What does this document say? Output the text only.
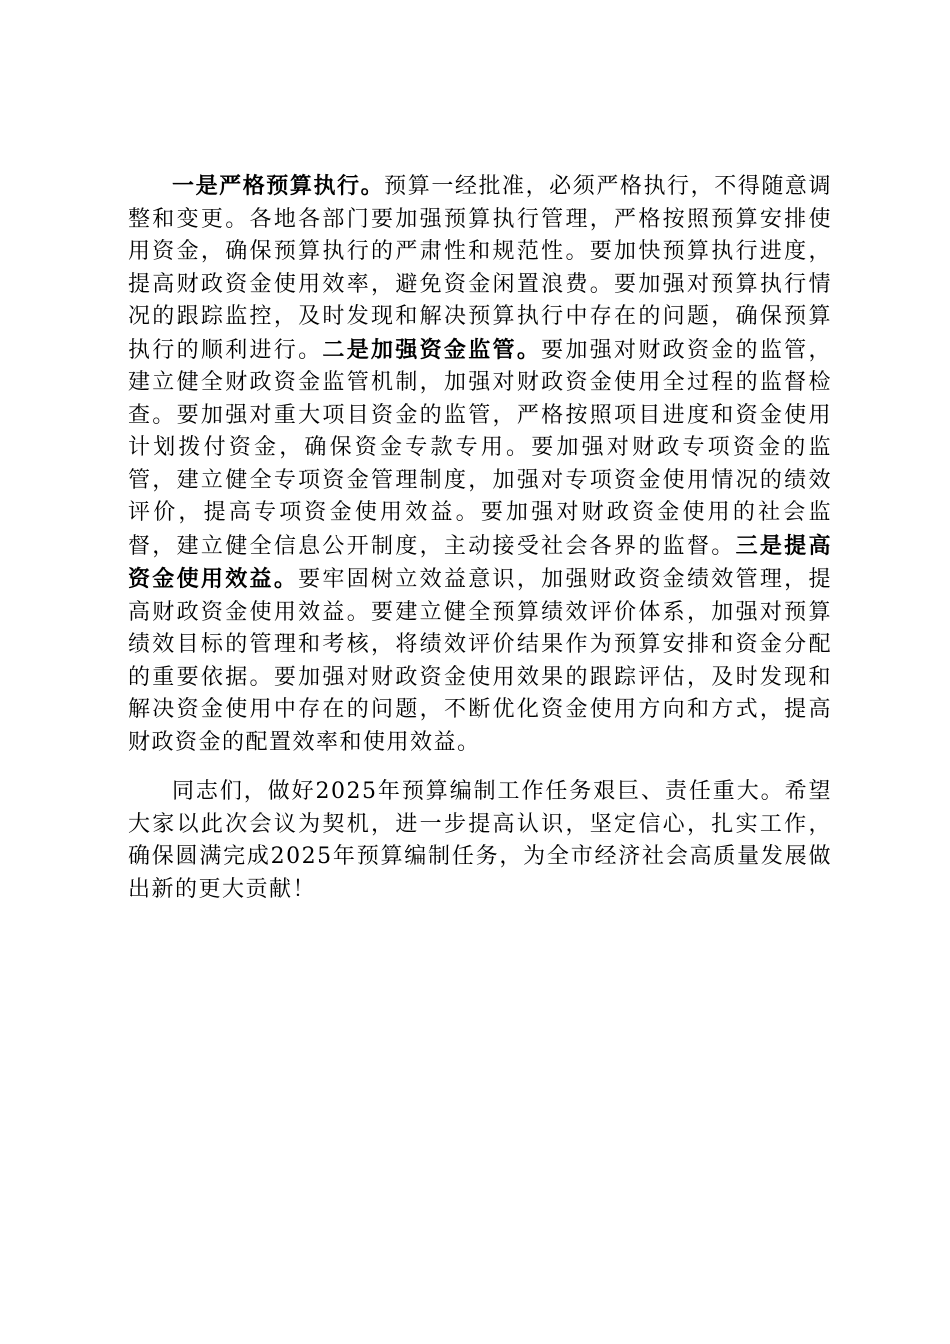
一是严格预算执行。预算一经批准，必须严格执行，不得随意调整和变更。各地各部门要加强预算执行管理，严格按照预算安排使用资金，确保预算执行的严肃性和规范性。要加快预算执行进度，提高财政资金使用效率，避免资金闲置浪费。要加强对预算执行情况的跟踪监控，及时发现和解决预算执行中存在的问题，确保预算执行的顺利进行。二是加强资金监管。要加强对财政资金的监管，建立健全财政资金监管机制，加强对财政资金使用全过程的监督检查。要加强对重大项目资金的监管，严格按照项目进度和资金使用计划拨付资金，确保资金专款专用。要加强对财政专项资金的监管，建立健全专项资金管理制度，加强对专项资金使用情况的绩效评价，提高专项资金使用效益。要加强对财政资金使用的社会监督，建立健全信息公开制度，主动接受社会各界的监督。三是提高资金使用效益。要牢固树立效益意识，加强财政资金绩效管理，提高财政资金使用效益。要建立健全预算绩效评价体系，加强对预算绩效目标的管理和考核，将绩效评价结果作为预算安排和资金分配的重要依据。要加强对财政资金使用效果的跟踪评估，及时发现和解决资金使用中存在的问题，不断优化资金使用方向和方式，提高财政资金的配置效率和使用效益。

同志们，做好2025年预算编制工作任务艰巨、责任重大。希望大家以此次会议为契机，进一步提高认识，坚定信心，扎实工作，确保圆满完成2025年预算编制任务，为全市经济社会高质量发展做出新的更大贡献！
